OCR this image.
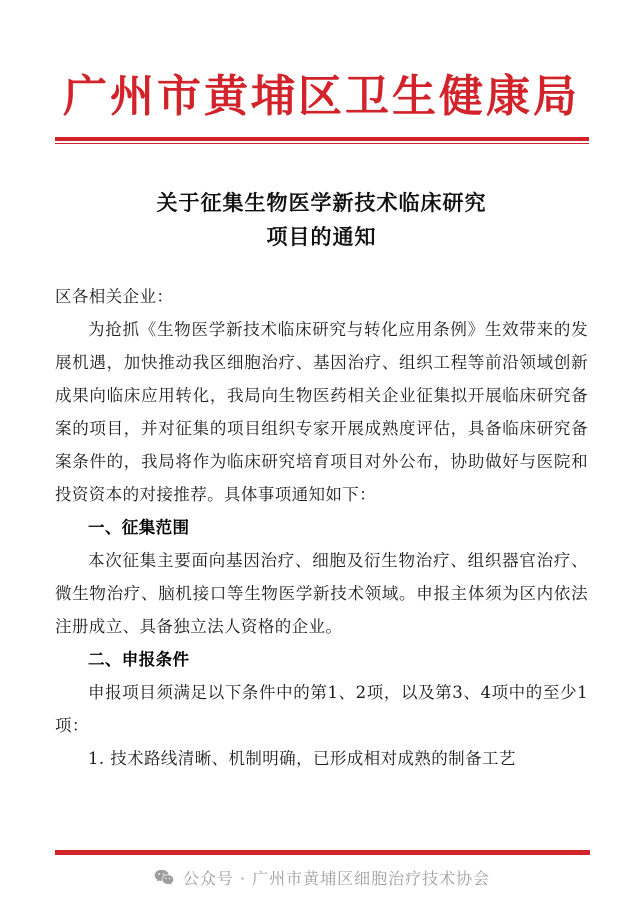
广州市黄埔区卫生健康局
关于征集生物医学新技术临床研究
项目的通知

区各相关企业：

为抢抓《生物医学新技术临床研究与转化应用条例》生效带来的发展机遇，加快推动我区细胞治疗、基因治疗、组织工程等前沿领域创新成果向临床应用转化，我局向生物医药相关企业征集拟开展临床研究备案的项目，并对征集的项目组织专家开展成熟度评估，具备临床研究备案条件的，我局将作为临床研究培育项目对外公布，协助做好与医院和投资资本的对接推荐。具体事项通知如下：

一、征集范围

本次征集主要面向基因治疗、细胞及衍生物治疗、组织器官治疗、微生物治疗、脑机接口等生物医学新技术领域。申报主体须为区内依法注册成立、具备独立法人资格的企业。

二、申报条件

申报项目须满足以下条件中的第1、2项，以及第3、4项中的至少1项：

1. 技术路线清晰、机制明确，已形成相对成熟的制备工艺

公众号 · 广州市黄埔区细胞治疗技术协会
